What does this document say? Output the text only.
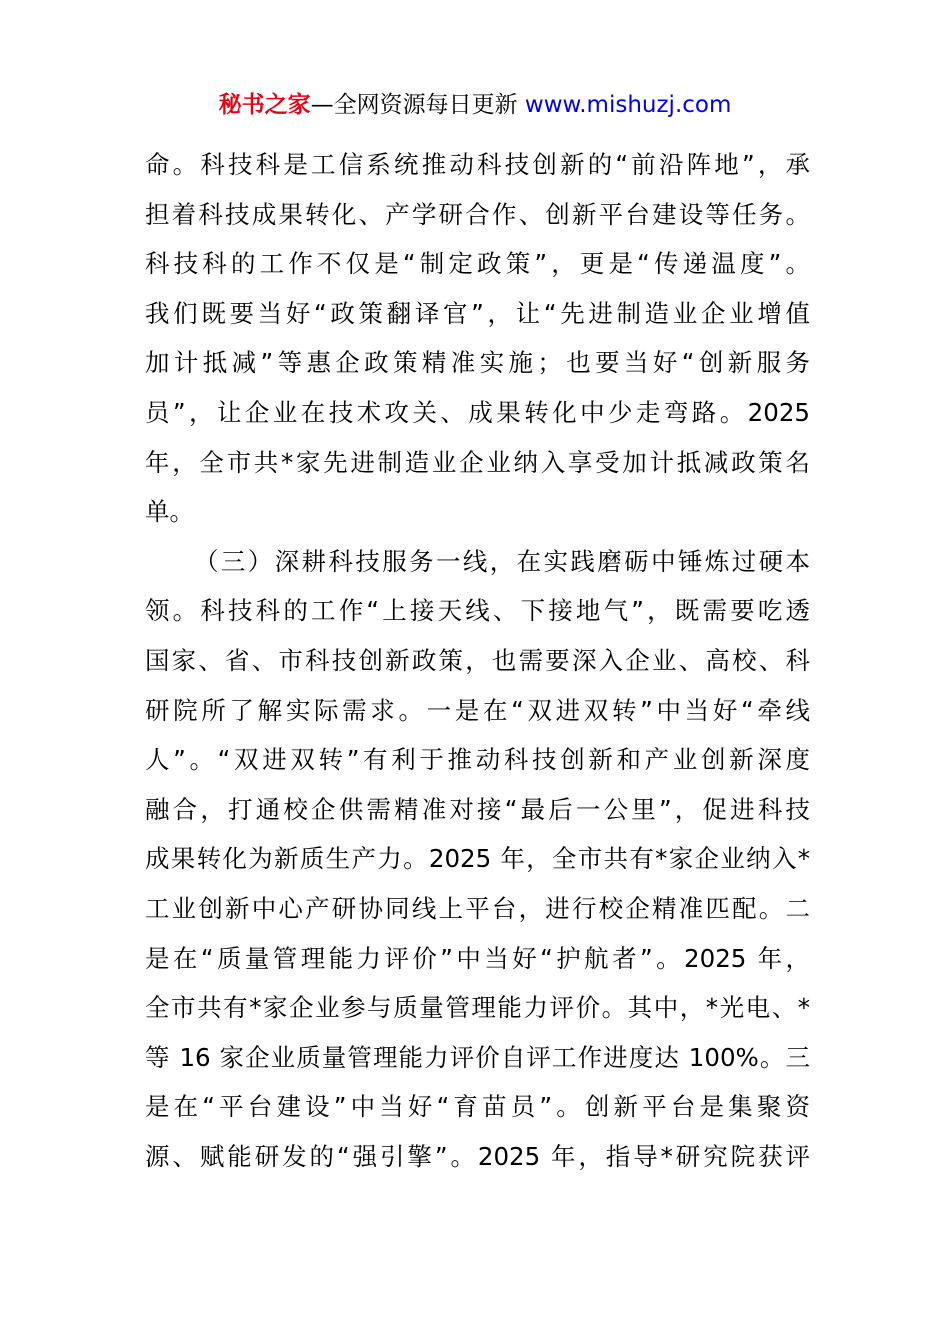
秘书之家—全网资源每日更新 www.mishuzj.com
命。科技科是工信系统推动科技创新的“前沿阵地”，承
担着科技成果转化、产学研合作、创新平台建设等任务。
科技科的工作不仅是“制定政策”，更是“传递温度”。
我们既要当好“政策翻译官”，让“先进制造业企业增值
加计抵减”等惠企政策精准实施；也要当好“创新服务
员”，让企业在技术攻关、成果转化中少走弯路。2025
年，全市共*家先进制造业企业纳入享受加计抵减政策名
单。
（三）深耕科技服务一线，在实践磨砺中锤炼过硬本
领。科技科的工作“上接天线、下接地气”，既需要吃透
国家、省、市科技创新政策，也需要深入企业、高校、科
研院所了解实际需求。一是在“双进双转”中当好“牵线
人”。“双进双转”有利于推动科技创新和产业创新深度
融合，打通校企供需精准对接“最后一公里”，促进科技
成果转化为新质生产力。2025 年，全市共有*家企业纳入*
工业创新中心产研协同线上平台，进行校企精准匹配。二
是在“质量管理能力评价”中当好“护航者”。2025 年，
全市共有*家企业参与质量管理能力评价。其中，*光电、*
等 16 家企业质量管理能力评价自评工作进度达 100%。三
是在“平台建设”中当好“育苗员”。创新平台是集聚资
源、赋能研发的“强引擎”。2025 年，指导*研究院获评
